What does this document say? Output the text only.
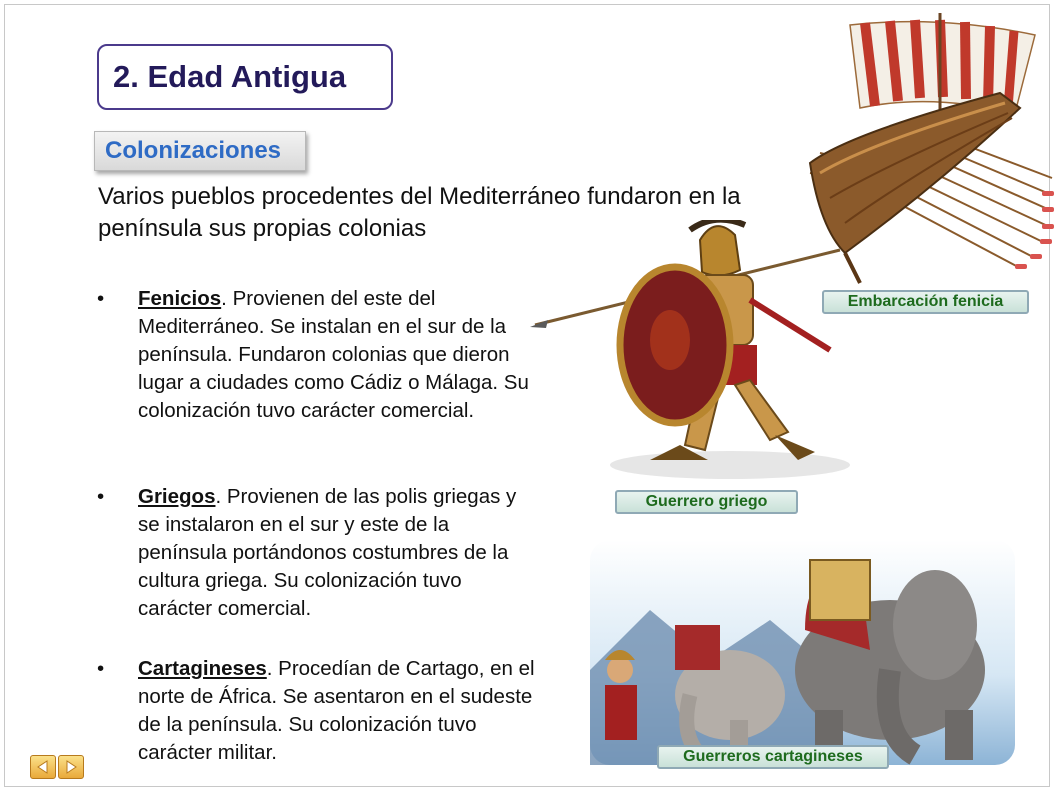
2. Edad Antigua
Colonizaciones
Varios pueblos procedentes del Mediterráneo fundaron en la península sus propias colonias
• Fenicios. Provienen del este del Mediterráneo. Se instalan en el sur de la península. Fundaron colonias que dieron lugar a ciudades como Cádiz o Málaga. Su colonización tuvo carácter comercial.
• Griegos. Provienen de las polis griegas y se instalaron en el sur y este de la península portándonos costumbres de la cultura griega. Su colonización tuvo carácter comercial.
• Cartagineses. Procedían de Cartago, en el norte de África. Se asentaron en el sudeste de la península. Su colonización tuvo carácter militar.
Embarcación fenicia
Guerrero griego
Guerreros cartagineses
